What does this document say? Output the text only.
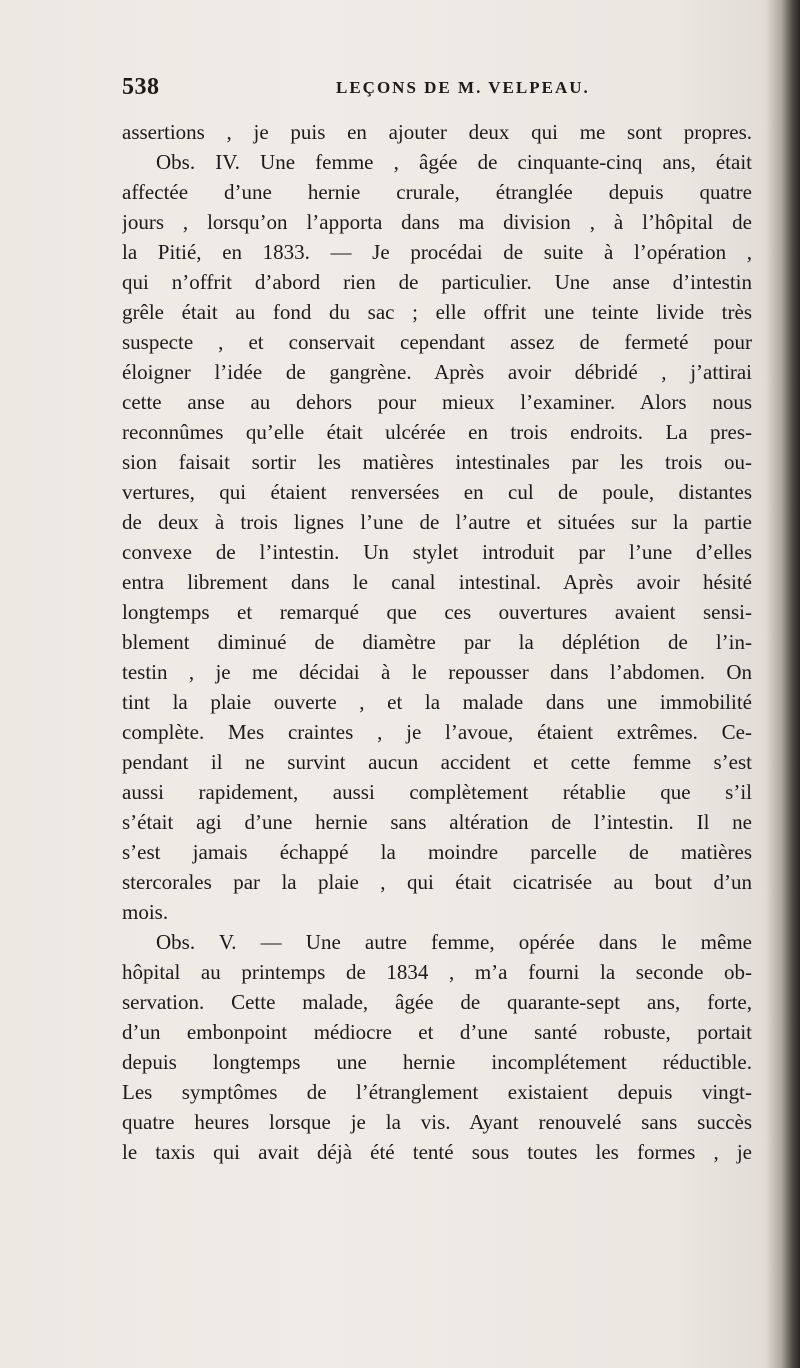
538	LEÇONS DE M. VELPEAU.
assertions , je puis en ajouter deux qui me sont propres.
Obs. IV. Une femme , âgée de cinquante-cinq ans, était
affectée d’une hernie crurale, étranglée depuis quatre
jours , lorsqu’on l’apporta dans ma division , à l’hôpital de
la Pitié, en 1833. — Je procédai de suite à l’opération ,
qui n’offrit d’abord rien de particulier. Une anse d’intestin
grêle était au fond du sac ; elle offrit une teinte livide très
suspecte , et conservait cependant assez de fermeté pour
éloigner l’idée de gangrène. Après avoir débridé , j’attirai
cette anse au dehors pour mieux l’examiner. Alors nous
reconnûmes qu’elle était ulcérée en trois endroits. La pres-
sion faisait sortir les matières intestinales par les trois ou-
vertures, qui étaient renversées en cul de poule, distantes
de deux à trois lignes l’une de l’autre et situées sur la partie
convexe de l’intestin. Un stylet introduit par l’une d’elles
entra librement dans le canal intestinal. Après avoir hésité
longtemps et remarqué que ces ouvertures avaient sensi-
blement diminué de diamètre par la déplétion de l’in-
testin , je me décidai à le repousser dans l’abdomen. On
tint la plaie ouverte , et la malade dans une immobilité
complète. Mes craintes , je l’avoue, étaient extrêmes. Ce-
pendant il ne survint aucun accident et cette femme s’est
aussi rapidement, aussi complètement rétablie que s’il
s’était agi d’une hernie sans altération de l’intestin. Il ne
s’est jamais échappé la moindre parcelle de matières
stercorales par la plaie , qui était cicatrisée au bout d’un
mois.
Obs. V. — Une autre femme, opérée dans le même
hôpital au printemps de 1834 , m’a fourni la seconde ob-
servation. Cette malade, âgée de quarante-sept ans, forte,
d’un embonpoint médiocre et d’une santé robuste, portait
depuis longtemps une hernie incomplétement réductible.
Les symptômes de l’étranglement existaient depuis vingt-
quatre heures lorsque je la vis. Ayant renouvelé sans succès
le taxis qui avait déjà été tenté sous toutes les formes , je
